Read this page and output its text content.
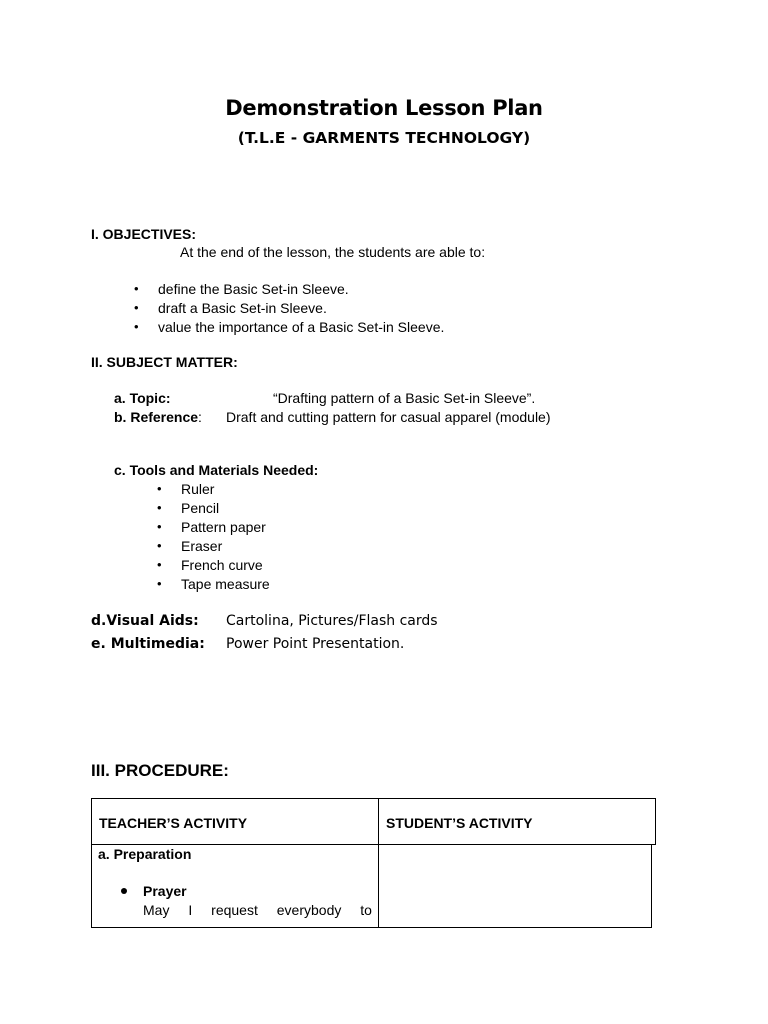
Demonstration Lesson Plan
(T.L.E - GARMENTS TECHNOLOGY)
I. OBJECTIVES:
At the end of the lesson, the students are able to:
• define the Basic Set-in Sleeve.
• draft a Basic Set-in Sleeve.
• value the importance of a Basic Set-in Sleeve.
II. SUBJECT MATTER:
a. Topic:	“Drafting pattern of a Basic Set-in Sleeve”.
b. Reference: Draft and cutting pattern for casual apparel (module)
c. Tools and Materials Needed:
• Ruler
• Pencil
• Pattern paper
• Eraser
• French curve
• Tape measure
d.Visual Aids: Cartolina, Pictures/Flash cards
e. Multimedia: Power Point Presentation.
III. PROCEDURE:
TEACHER’S ACTIVITY	STUDENT’S ACTIVITY
a. Preparation
Prayer
May I request everybody to
